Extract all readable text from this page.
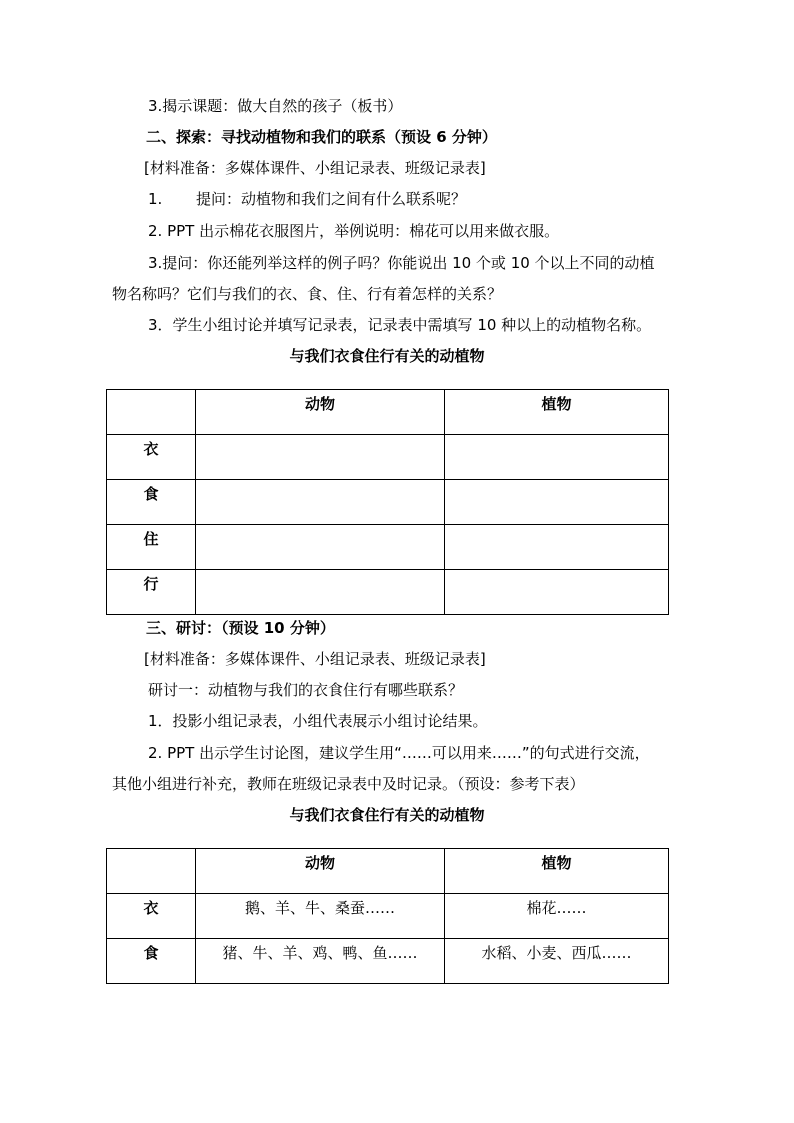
3.揭示课题：做大自然的孩子（板书）
二、探索：寻找动植物和我们的联系（预设 6 分钟）
[材料准备：多媒体课件、小组记录表、班级记录表]
1. 提问：动植物和我们之间有什么联系呢？
2. PPT 出示棉花衣服图片，举例说明：棉花可以用来做衣服。
3.提问：你还能列举这样的例子吗？你能说出 10 个或 10 个以上不同的动植
物名称吗？它们与我们的衣、食、住、行有着怎样的关系？
3．学生小组讨论并填写记录表，记录表中需填写 10 种以上的动植物名称。
与我们衣食住行有关的动植物

	动物	植物

衣		

食		

住		

行		

三、研讨：（预设 10 分钟）
[材料准备：多媒体课件、小组记录表、班级记录表]
研讨一：动植物与我们的衣食住行有哪些联系？
1．投影小组记录表，小组代表展示小组讨论结果。
2. PPT 出示学生讨论图，建议学生用“……可以用来……”的句式进行交流，
其他小组进行补充，教师在班级记录表中及时记录。（预设：参考下表）
与我们衣食住行有关的动植物

	动物	植物

衣	鹅、羊、牛、桑蚕……	棉花……

食	猪、牛、羊、鸡、鸭、鱼……	水稻、小麦、西瓜……
